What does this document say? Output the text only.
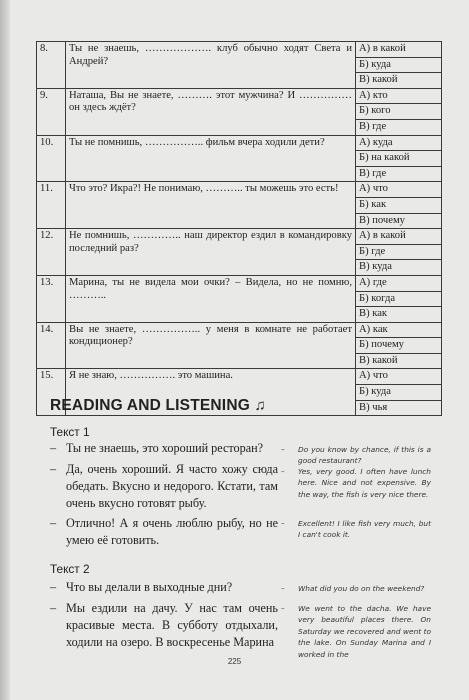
8.	Ты не знаешь, ………………. клуб обычно ходят Света и Андрей?	А) в какой
		Б) куда
		В) какой
9.	Наташа, Вы не знаете, ………. этот мужчина? И …………… он здесь ждёт?	А) кто
		Б) кого
		В) где
10.	Ты не помнишь, …………….. фильм вчера ходили дети?	А) куда
		Б) на какой
		В) где
11.	Что это? Икра?! Не понимаю, ……….. ты можешь это есть!	А) что
		Б) как
		В) почему
12.	Не помнишь, ………….. наш директор ездил в командировку последний раз?	А) в какой
		Б) где
		В) куда
13.	Марина, ты не видела мои очки? – Видела, но не помню, ………..	А) где
		Б) когда
		В) как
14.	Вы не знаете, …………….. у меня в комнате не работает кондиционер?	А) как
		Б) почему
		В) какой
15.	Я не знаю, ……………. это машина.	А) что
		Б) куда
		В) чья
READING AND LISTENING ♫
Текст 1
– Ты не знаешь, это хороший ресторан?	–	Do you know by chance, if this is a good restaurant?
– Да, очень хороший. Я часто хожу сюда обедать. Вкусно и недорого. Кстати, там очень вкусно готовят рыбу.
–	Yes, very good. I often have lunch here. Nice and not expensive. By the way, the fish is very nice there.
– Отлично! А я очень люблю рыбу, но не умею её готовить.
–	Excellent! I like fish very much, but I can't cook it.
Текст 2
– Что вы делали в выходные дни?	–	What did you do on the weekend?
– Мы ездили на дачу. У нас там очень красивые места. В субботу отдыхали, ходили на озеро. В воскресенье Марина
–	We went to the dacha. We have very beautiful places there. On Saturday we recovered and went to the lake. On Sunday Marina and I worked in the
225
